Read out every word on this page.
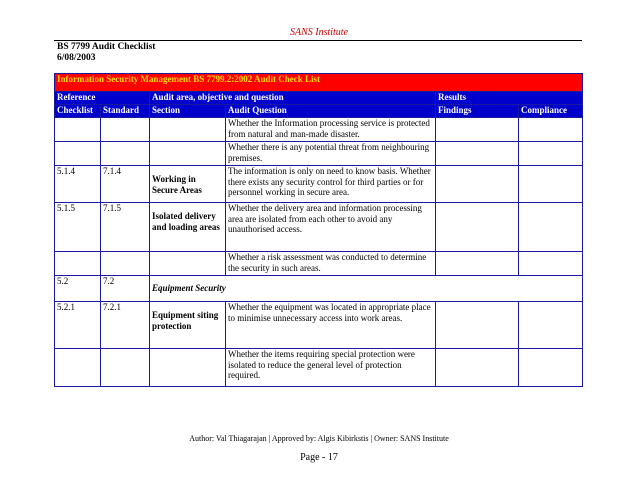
SANS Institute
BS 7799 Audit Checklist
6/08/2003
Information Security Management BS 7799.2:2002 Audit Check List					
Reference		Audit area, objective and question		Results	
Checklist	Standard	Section	Audit Question	Findings	Compliance
			Whether the Information processing service is protected from natural and man-made disaster.		
			Whether there is any potential threat from neighbouring premises.		
5.1.4	7.1.4	Working in Secure Areas	The information is only on need to know basis. Whether there exists any security control for third parties or for personnel working in secure area.		
5.1.5	7.1.5	Isolated delivery and loading areas	Whether the delivery area and information processing area are isolated from each other to avoid any unauthorised access.		
			Whether a risk assessment was conducted to determine the security in such areas.		
5.2	7.2	Equipment Security			
5.2.1	7.2.1	Equipment siting protection	Whether the equipment was located in appropriate place to minimise unnecessary access into work areas.		
			Whether the items requiring special protection were isolated to reduce the general level of protection required.		
Author: Val Thiagarajan | Approved by: Algis Kibirkstis | Owner: SANS Institute
Page - 17
